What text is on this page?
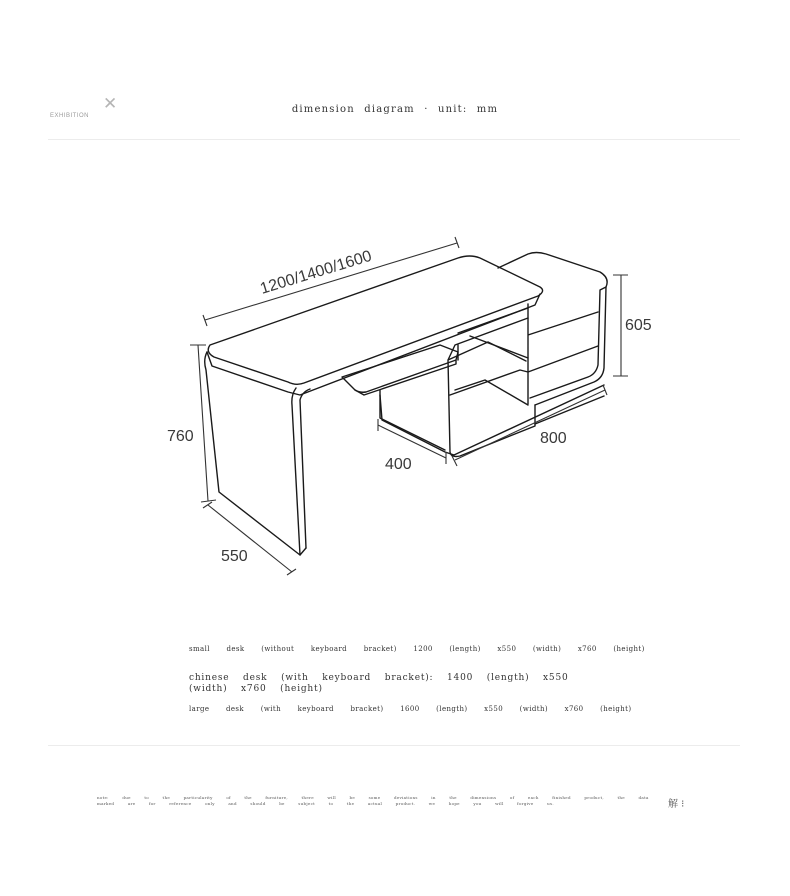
EXHIBITION
✕	dimension diagram · unit: mm
1200/1400/1600
760
550
605
800
400
small desk (without keyboard bracket) 1200 (length) x550 (width) x760 (height)
chinese desk (with keyboard bracket): 1400 (length) x550 (width) x760 (height)
large desk (with keyboard bracket) 1600 (length) x550 (width) x760 (height)
note: due to the particularity of the furniture, there will be some deviations in the dimensions of each finished product, the data marked are for reference only and should be subject to the actual product. we hope you will forgive us.	解 ⁝
